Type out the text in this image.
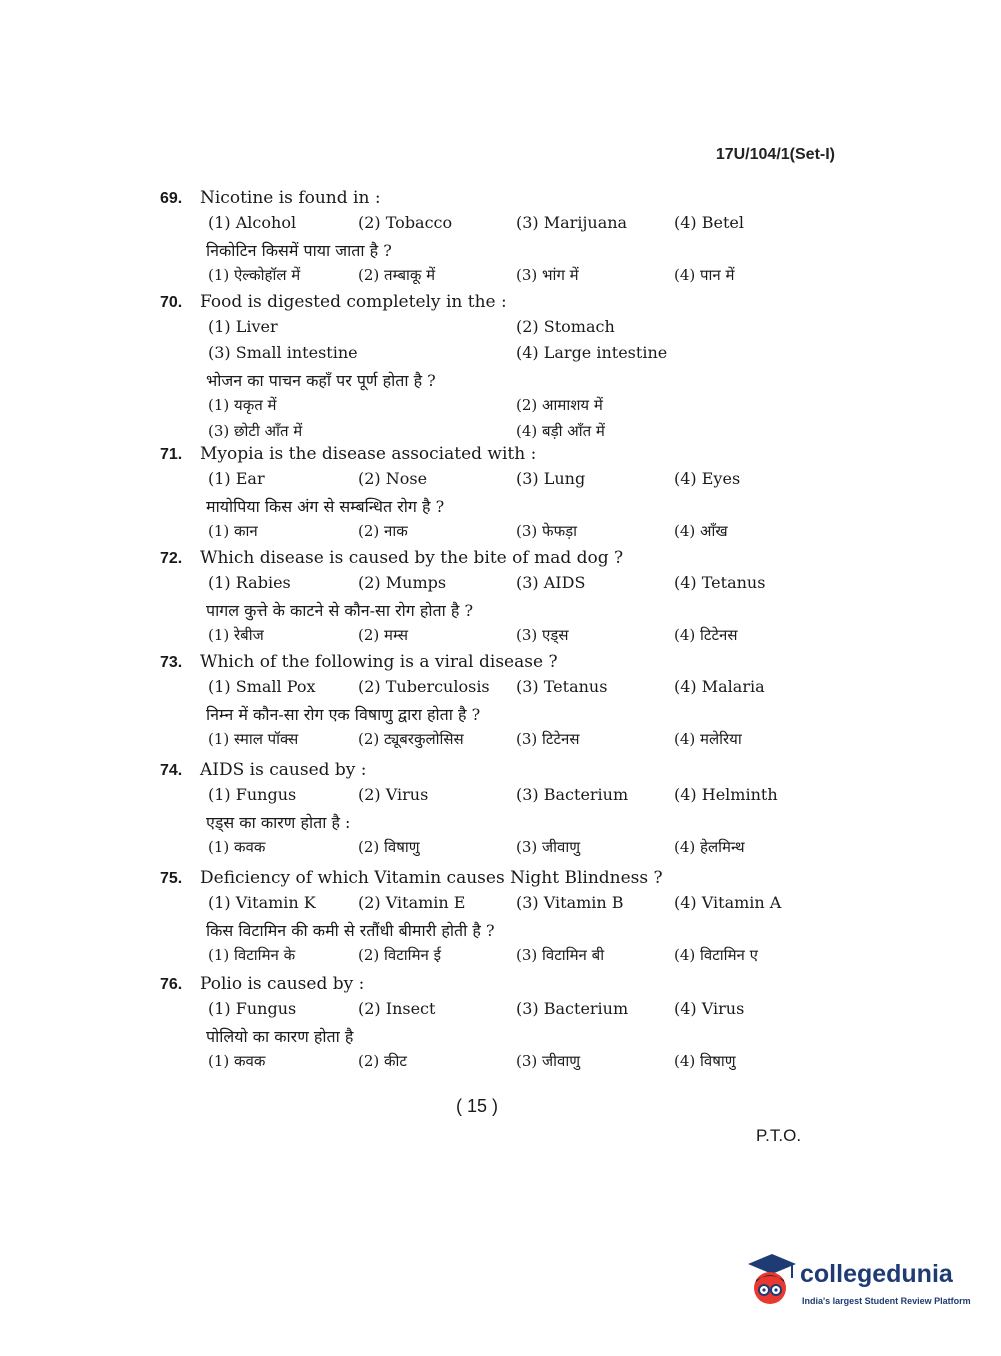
17U/104/1(Set-I)
69.	Nicotine is found in :
(1) Alcohol	(2) Tobacco	(3) Marijuana	(4) Betel
निकोटिन किसमें पाया जाता है ?
(1) ऐल्कोहॉल में	(2) तम्बाकू में	(3) भांग में	(4) पान में
70.	Food is digested completely in the :
(1) Liver	(2) Stomach
(3) Small intestine	(4) Large intestine
भोजन का पाचन कहाँ पर पूर्ण होता है ?
(1) यकृत में	(2) आमाशय में
(3) छोटी आँत में	(4) बड़ी आँत में
71.	Myopia is the disease associated with :
(1) Ear	(2) Nose	(3) Lung	(4) Eyes
मायोपिया किस अंग से सम्बन्धित रोग है ?
(1) कान	(2) नाक	(3) फेफड़ा	(4) आँख
72.	Which disease is caused by the bite of mad dog ?
(1) Rabies	(2) Mumps	(3) AIDS	(4) Tetanus
पागल कुत्ते के काटने से कौन-सा रोग होता है ?
(1) रेबीज	(2) मम्स	(3) एड्स	(4) टिटेनस
73.	Which of the following is a viral disease ?
(1) Small Pox	(2) Tuberculosis (3) Tetanus	(4) Malaria
निम्न में कौन-सा रोग एक विषाणु द्वारा होता है ?
(1) स्माल पॉक्स	(2) ट्यूबरकुलोसिस	(3) टिटेनस	(4) मलेरिया
74.	AIDS is caused by :
(1) Fungus	(2) Virus	(3) Bacterium	(4) Helminth
एड्स का कारण होता है :
(1) कवक	(2) विषाणु	(3) जीवाणु	(4) हेलमिन्थ
75.	Deficiency of which Vitamin causes Night Blindness ?
(1) Vitamin K	(2) Vitamin E	(3) Vitamin B	(4) Vitamin A
किस विटामिन की कमी से रतौंधी बीमारी होती है ?
(1) विटामिन के	(2) विटामिन ई	(3) विटामिन बी	(4) विटामिन ए
76.	Polio is caused by :
(1) Fungus	(2) Insect	(3) Bacterium	(4) Virus
पोलियो का कारण होता है
(1) कवक	(2) कीट	(3) जीवाणु	(4) विषाणु
( 15 )
P.T.O.
collegedunia
India's largest Student Review Platform
